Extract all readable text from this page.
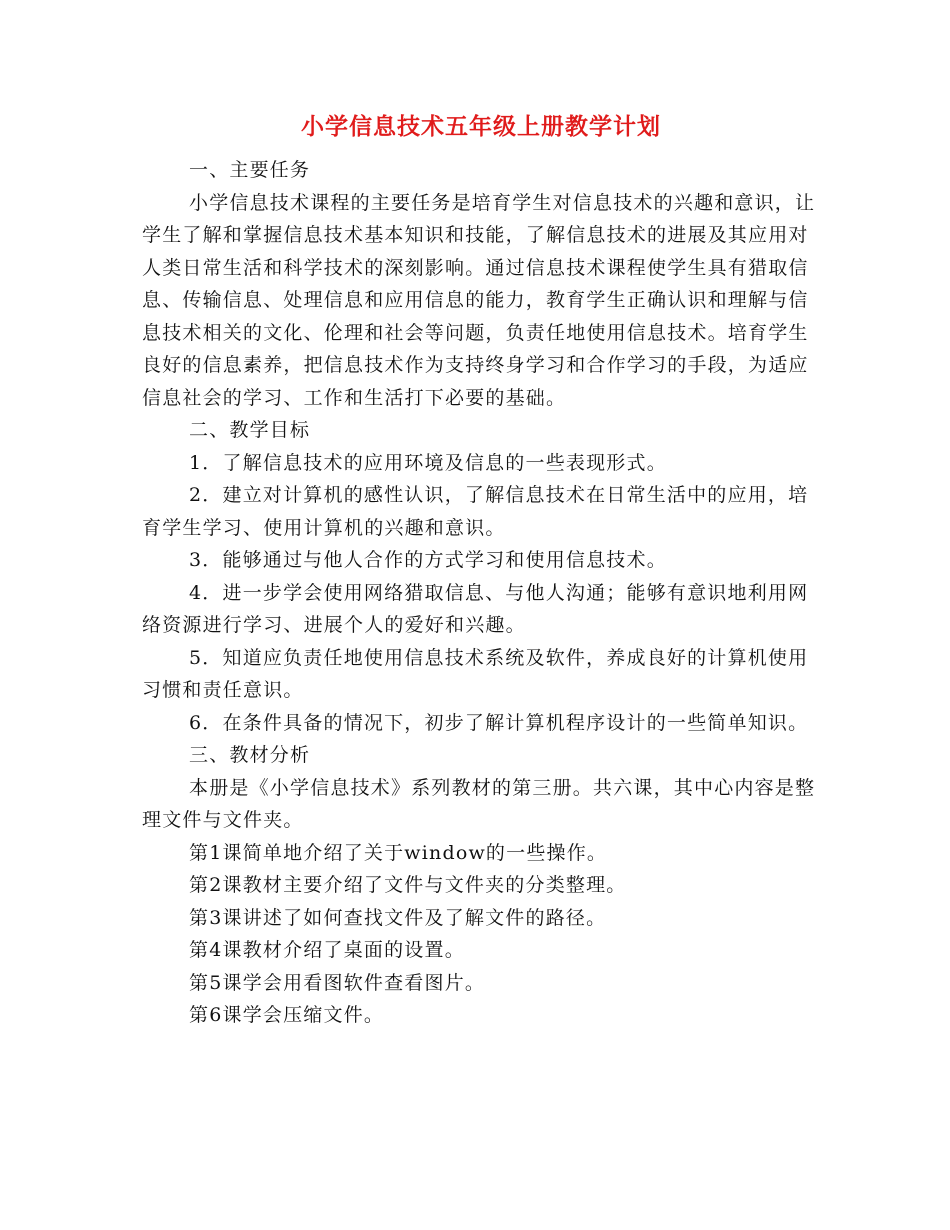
小学信息技术五年级上册教学计划

一、主要任务

小学信息技术课程的主要任务是培育学生对信息技术的兴趣和意识，让学生了解和掌握信息技术基本知识和技能，了解信息技术的进展及其应用对人类日常生活和科学技术的深刻影响。通过信息技术课程使学生具有猎取信息、传输信息、处理信息和应用信息的能力，教育学生正确认识和理解与信息技术相关的文化、伦理和社会等问题，负责任地使用信息技术。培育学生良好的信息素养，把信息技术作为支持终身学习和合作学习的手段，为适应信息社会的学习、工作和生活打下必要的基础。

二、教学目标

1．了解信息技术的应用环境及信息的一些表现形式。

2．建立对计算机的感性认识，了解信息技术在日常生活中的应用，培育学生学习、使用计算机的兴趣和意识。

3．能够通过与他人合作的方式学习和使用信息技术。

4．进一步学会使用网络猎取信息、与他人沟通；能够有意识地利用网络资源进行学习、进展个人的爱好和兴趣。

5．知道应负责任地使用信息技术系统及软件，养成良好的计算机使用习惯和责任意识。

6．在条件具备的情况下，初步了解计算机程序设计的一些简单知识。

三、教材分析

本册是《小学信息技术》系列教材的第三册。共六课，其中心内容是整理文件与文件夹。

第1课简单地介绍了关于window的一些操作。

第2课教材主要介绍了文件与文件夹的分类整理。

第3课讲述了如何查找文件及了解文件的路径。

第4课教材介绍了桌面的设置。

第5课学会用看图软件查看图片。

第6课学会压缩文件。
